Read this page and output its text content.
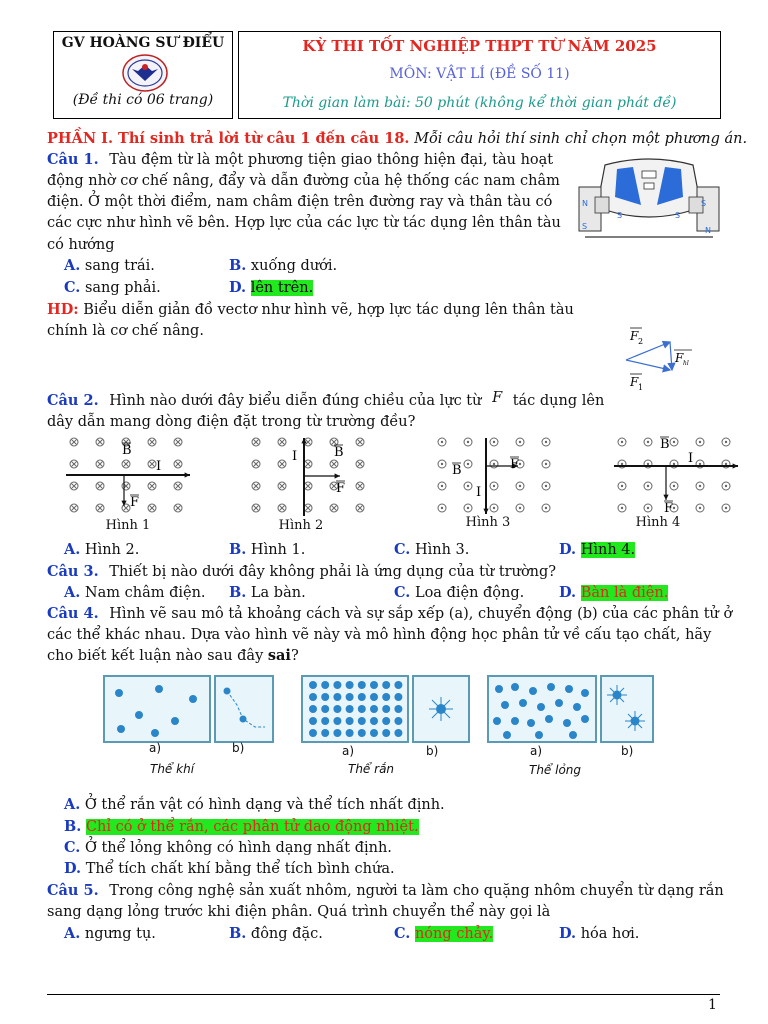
GV HOÀNG SƯ ĐIỂU
(Đề thi có 06 trang)
KỲ THI TỐT NGHIỆP THPT TỪ NĂM 2025
MÔN: VẬT LÍ (ĐỀ SỐ 11)
Thời gian làm bài: 50 phút (không kể thời gian phát đề)
PHẦN I. Thí sinh trả lời từ câu 1 đến câu 18. Mỗi câu hỏi thí sinh chỉ chọn một phương án.
Câu 1. Tàu đệm từ là một phương tiện giao thông hiện đại, tàu hoạt
động nhờ cơ chế nâng, đẩy và dẫn đường của hệ thống các nam châm
điện. Ở một thời điểm, nam châm điện trên đường ray và thân tàu có
các cực như hình vẽ bên. Hợp lực của các lực từ tác dụng lên thân tàu
có hướng
N
S
S	S
S
N
A. sang trái.	B. xuống dưới.
C. sang phải.	D. lên trên.
HD: Biểu diễn giản đồ vectơ như hình vẽ, hợp lực tác dụng lên thân tàu
chính là cơ chế nâng.	F 2
F hl
F 1
Câu 2. Hình nào dưới đây biểu diễn đúng chiều của lực từ F tác dụng lên
dây dẫn mang dòng điện đặt trong từ trường đều?
B
I
F
B
I
F
B
I
F
B
I
F
Hình 1	Hình 2	Hình 3	Hình 4
A. Hình 2.	B. Hình 1.	C. Hình 3.	D. Hình 4.
Câu 3. Thiết bị nào dưới đây không phải là ứng dụng của từ trường?
A. Nam châm điện. B. La bàn.	C. Loa điện động. D. Bàn là điện.
Câu 4. Hình vẽ sau mô tả khoảng cách và sự sắp xếp (a), chuyển động (b) của các phân tử ở
các thể khác nhau. Dựa vào hình vẽ này và mô hình động học phân tử về cấu tạo chất, hãy
cho biết kết luận nào sau đây sai?
a)	b)	a)	b)	a)	b)
Thể khí	Thể rắn	Thể lỏng
A. Ở thể rắn vật có hình dạng và thể tích nhất định.
B. Chỉ có ở thể rắn, các phân tử dao động nhiệt.
C. Ở thể lỏng không có hình dạng nhất định.
D. Thể tích chất khí bằng thể tích bình chứa.
Câu 5. Trong công nghệ sản xuất nhôm, người ta làm cho quặng nhôm chuyển từ dạng rắn
sang dạng lỏng trước khi điện phân. Quá trình chuyển thể này gọi là
A. ngưng tụ.	B. đông đặc.	C. nóng chảy.	D. hóa hơi.
1
